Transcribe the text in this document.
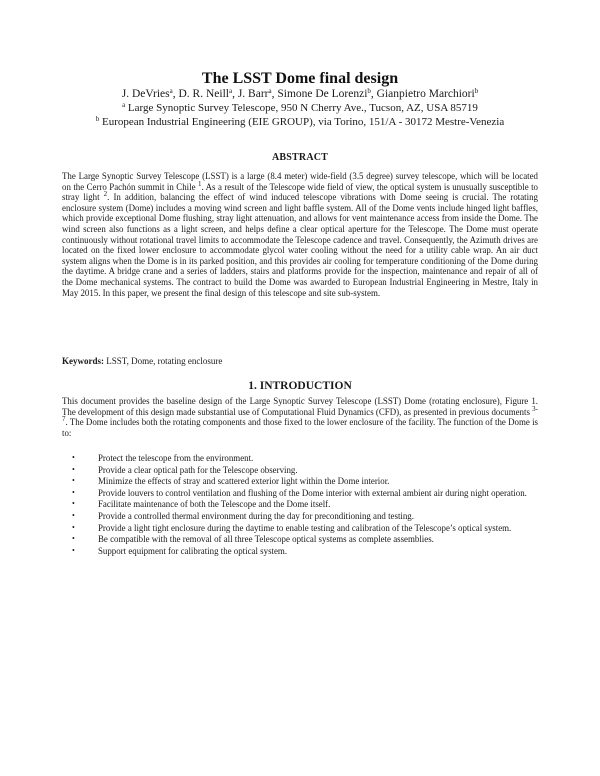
The LSST Dome final design
J. DeVries$^a$, D. R. Neill$^a$, J. Barr$^a$, Simone De Lorenzi$^b$, Gianpietro Marchiori$^b$
$^a$ Large Synoptic Survey Telescope, 950 N Cherry Ave., Tucson, AZ, USA 85719
$^b$ European Industrial Engineering (EIE GROUP), via Torino, 151/A - 30172 Mestre-Venezia
ABSTRACT

The Large Synoptic Survey Telescope (LSST) is a large (8.4 meter) wide-field (3.5 degree) survey telescope, which will be located on the Cerro Pachón summit in Chile $^1$. As a result of the Telescope wide field of view, the optical system is unusually susceptible to stray light $^2$. In addition, balancing the effect of wind induced telescope vibrations with Dome seeing is crucial. The rotating enclosure system (Dome) includes a moving wind screen and light baffle system. All of the Dome vents include hinged light baffles, which provide exceptional Dome flushing, stray light attenuation, and allows for vent maintenance access from inside the Dome. The wind screen also functions as a light screen, and helps define a clear optical aperture for the Telescope. The Dome must operate continuously without rotational travel limits to accommodate the Telescope cadence and travel. Consequently, the Azimuth drives are located on the fixed lower enclosure to accommodate glycol water cooling without the need for a utility cable wrap. An air duct system aligns when the Dome is in its parked position, and this provides air cooling for temperature conditioning of the Dome during the daytime. A bridge crane and a series of ladders, stairs and platforms provide for the inspection, maintenance and repair of all of the Dome mechanical systems. The contract to build the Dome was awarded to European Industrial Engineering in Mestre, Italy in May 2015. In this paper, we present the final design of this telescope and site sub-system.

Keywords: LSST, Dome, rotating enclosure

1. INTRODUCTION

This document provides the baseline design of the Large Synoptic Survey Telescope (LSST) Dome (rotating enclosure), Figure 1. The development of this design made substantial use of Computational Fluid Dynamics (CFD), as presented in previous documents $^{3-7}$. The Dome includes both the rotating components and those fixed to the lower enclosure of the facility. The function of the Dome is to:

•	Protect the telescope from the environment.
•	Provide a clear optical path for the Telescope observing.
•	Minimize the effects of stray and scattered exterior light within the Dome interior.
•	Provide louvers to control ventilation and flushing of the Dome interior with external ambient air during night operation.
•	Facilitate maintenance of both the Telescope and the Dome itself.
•	Provide a controlled thermal environment during the day for preconditioning and testing.
•	Provide a light tight enclosure during the daytime to enable testing and calibration of the Telescope’s optical system.
•	Be compatible with the removal of all three Telescope optical systems as complete assemblies.
•	Support equipment for calibrating the optical system.
